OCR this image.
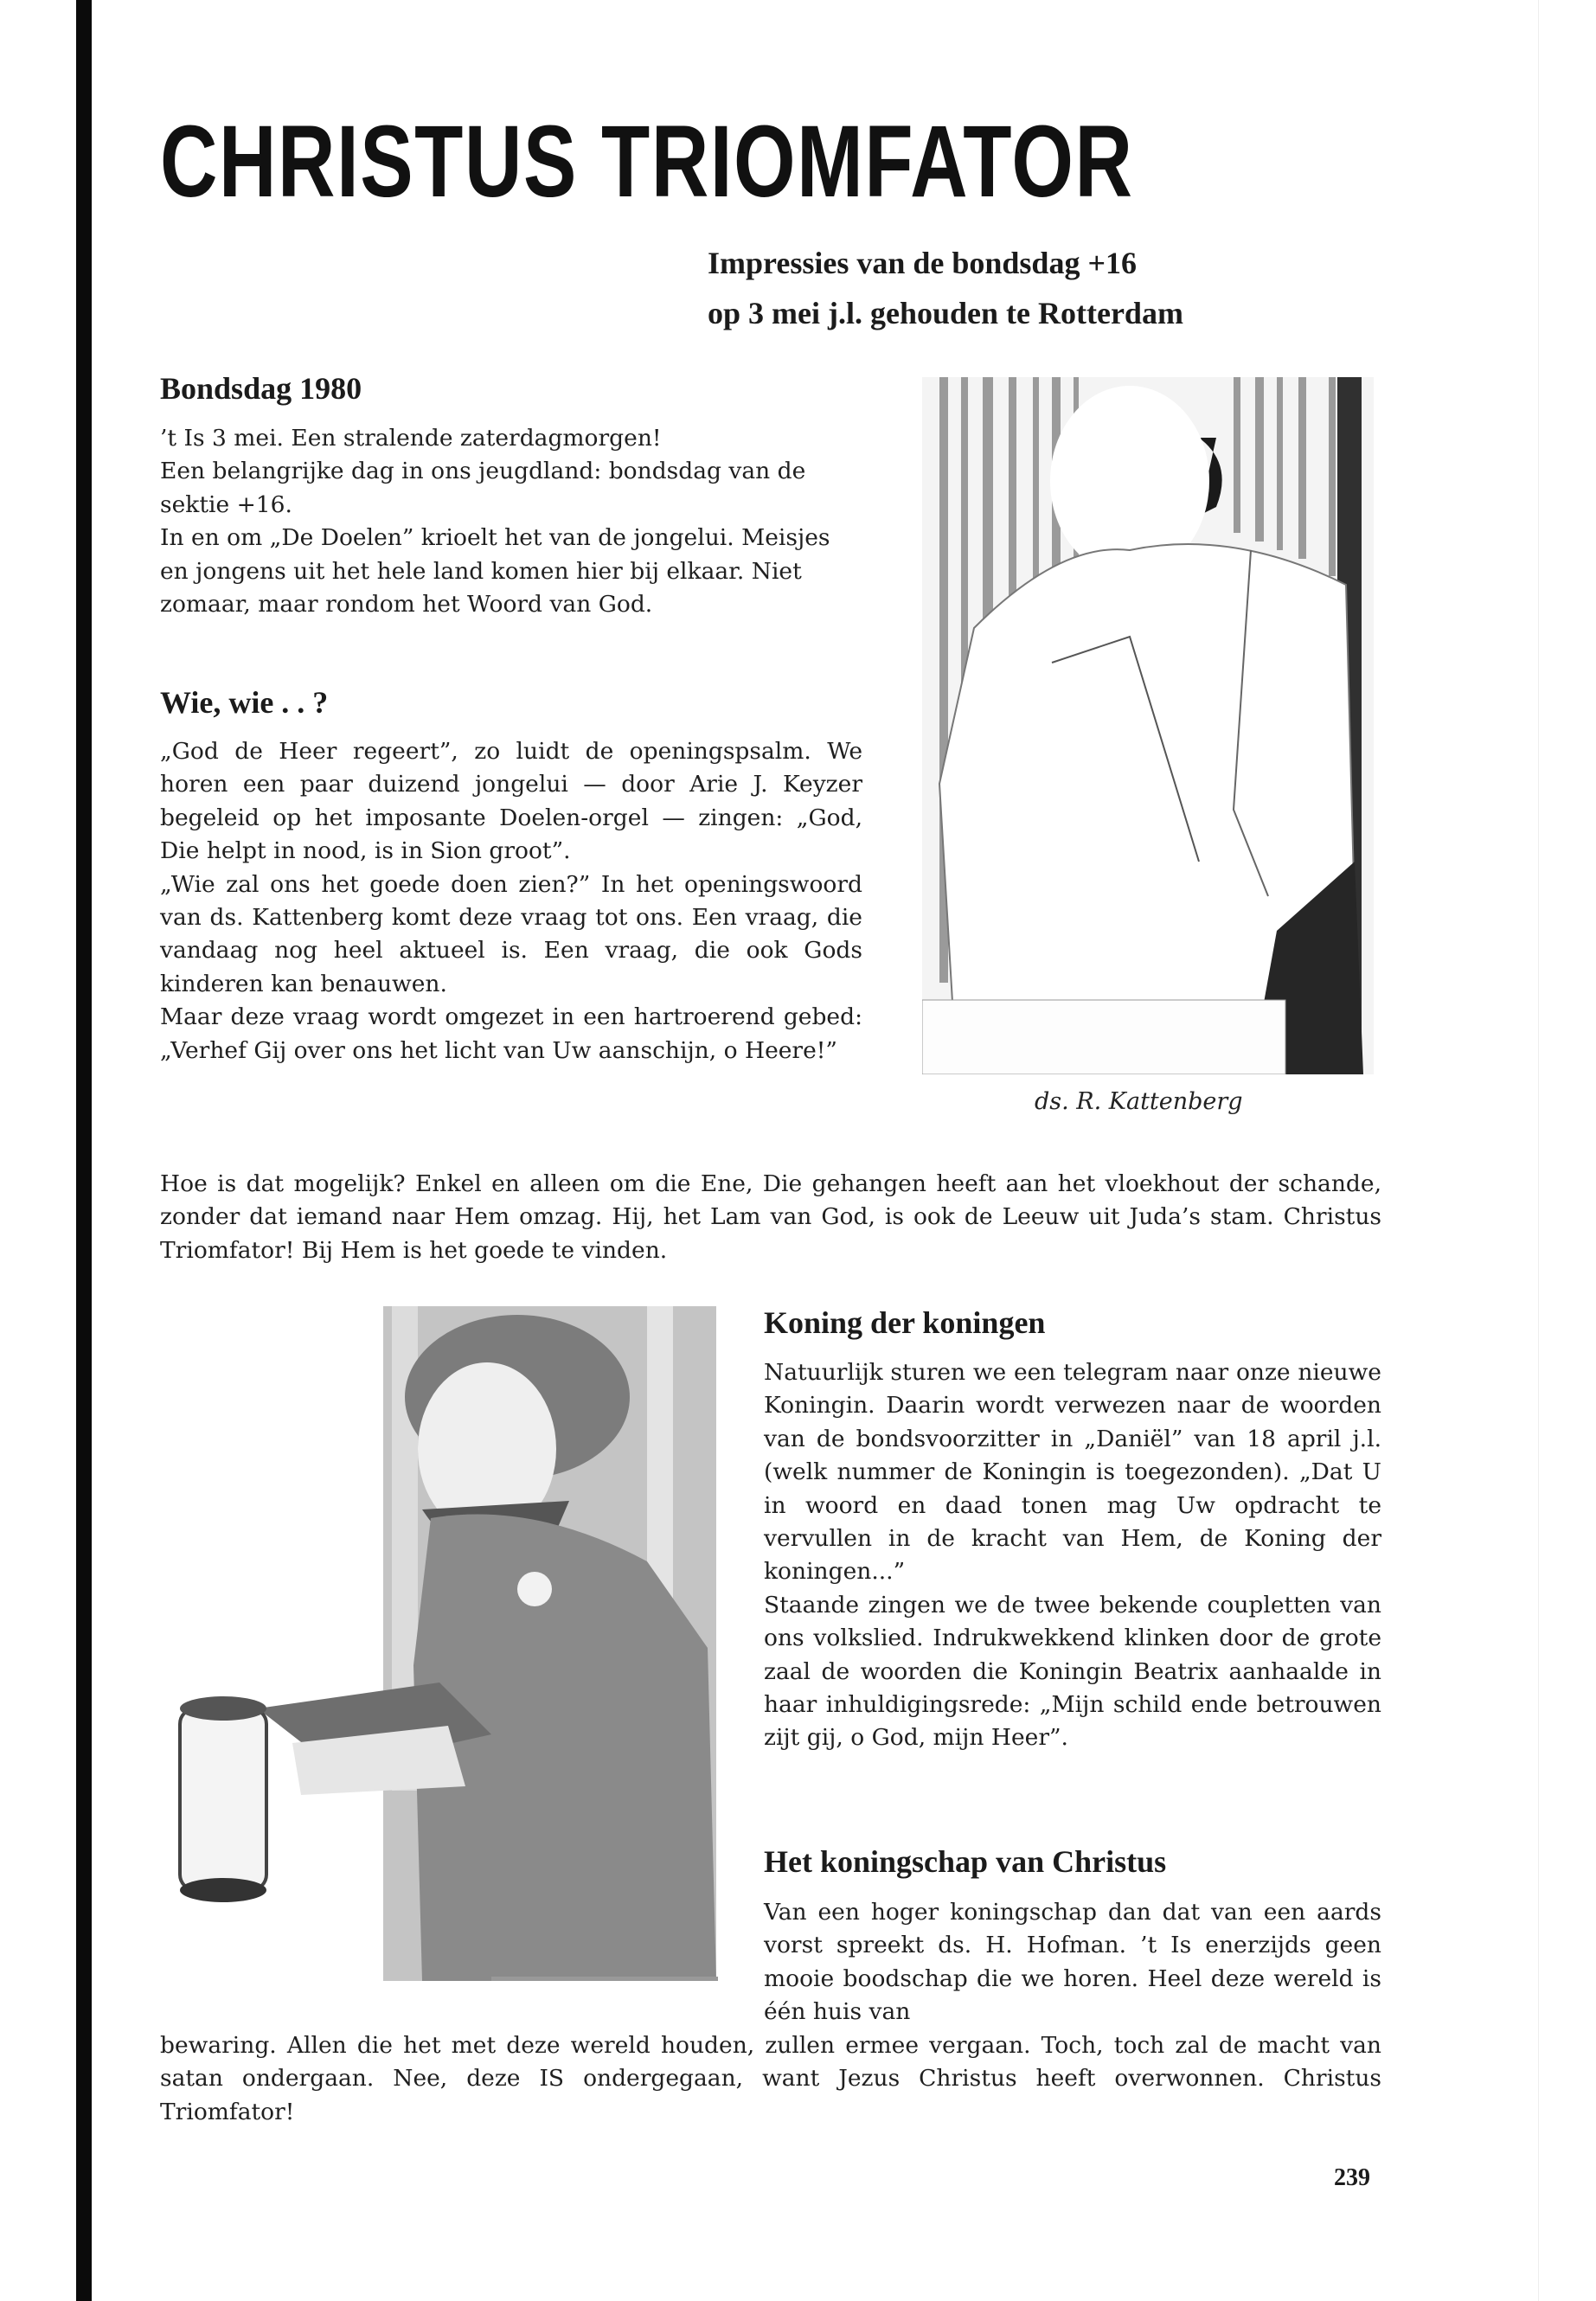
CHRISTUS TRIOMFATOR
Impressies van de bondsdag +16
op 3 mei j.l. gehouden te Rotterdam
Bondsdag 1980

’t Is 3 mei. Een stralende zaterdagmorgen!

Een belangrijke dag in ons jeugdland: bondsdag van de sektie +16.

In en om „De Doelen” krioelt het van de jongelui. Meisjes en jongens uit het hele land komen hier bij elkaar. Niet zomaar, maar rondom het Woord van God.

Wie, wie . . ?

„God de Heer regeert”, zo luidt de openingspsalm. We horen een paar duizend jongelui — door Arie J. Keyzer begeleid op het imposante Doelen-orgel — zingen: „God, Die helpt in nood, is in Sion groot”.

„Wie zal ons het goede doen zien?” In het openingswoord van ds. Kattenberg komt deze vraag tot ons. Een vraag, die vandaag nog heel aktueel is. Een vraag, die ook Gods kinderen kan benauwen.

Maar deze vraag wordt omgezet in een hartroerend gebed: „Verhef Gij over ons het licht van Uw aanschijn, o Heere!”

Hoe is dat mogelijk? Enkel en alleen om die Ene, Die gehangen heeft aan het vloekhout der schande, zonder dat iemand naar Hem omzag. Hij, het Lam van God, is ook de Leeuw uit Juda’s stam. Christus Triomfator! Bij Hem is het goede te vinden.
ds. R. Kattenberg
Koning der koningen

Natuurlijk sturen we een telegram naar onze nieuwe Koningin. Daarin wordt verwezen naar de woorden van de bondsvoorzitter in „Daniël” van 18 april j.l. (welk nummer de Koningin is toegezonden). „Dat U in woord en daad tonen mag Uw opdracht te vervullen in de kracht van Hem, de Koning der koningen...”

Staande zingen we de twee bekende coupletten van ons volkslied. Indrukwekkend klinken door de grote zaal de woorden die Koningin Beatrix aanhaalde in haar inhuldigingsrede: „Mijn schild ende betrouwen zijt gij, o God, mijn Heer”.

Het koningschap van Christus
Van een hoger koningschap dan dat van een aards vorst spreekt ds. H. Hofman. ’t Is enerzijds geen mooie boodschap die we horen. Heel deze wereld is één huis van
bewaring. Allen die het met deze wereld houden, zullen ermee vergaan. Toch, toch zal de macht van satan ondergaan. Nee, deze IS ondergegaan, want Jezus Christus heeft overwonnen. Christus Triomfator!
239
